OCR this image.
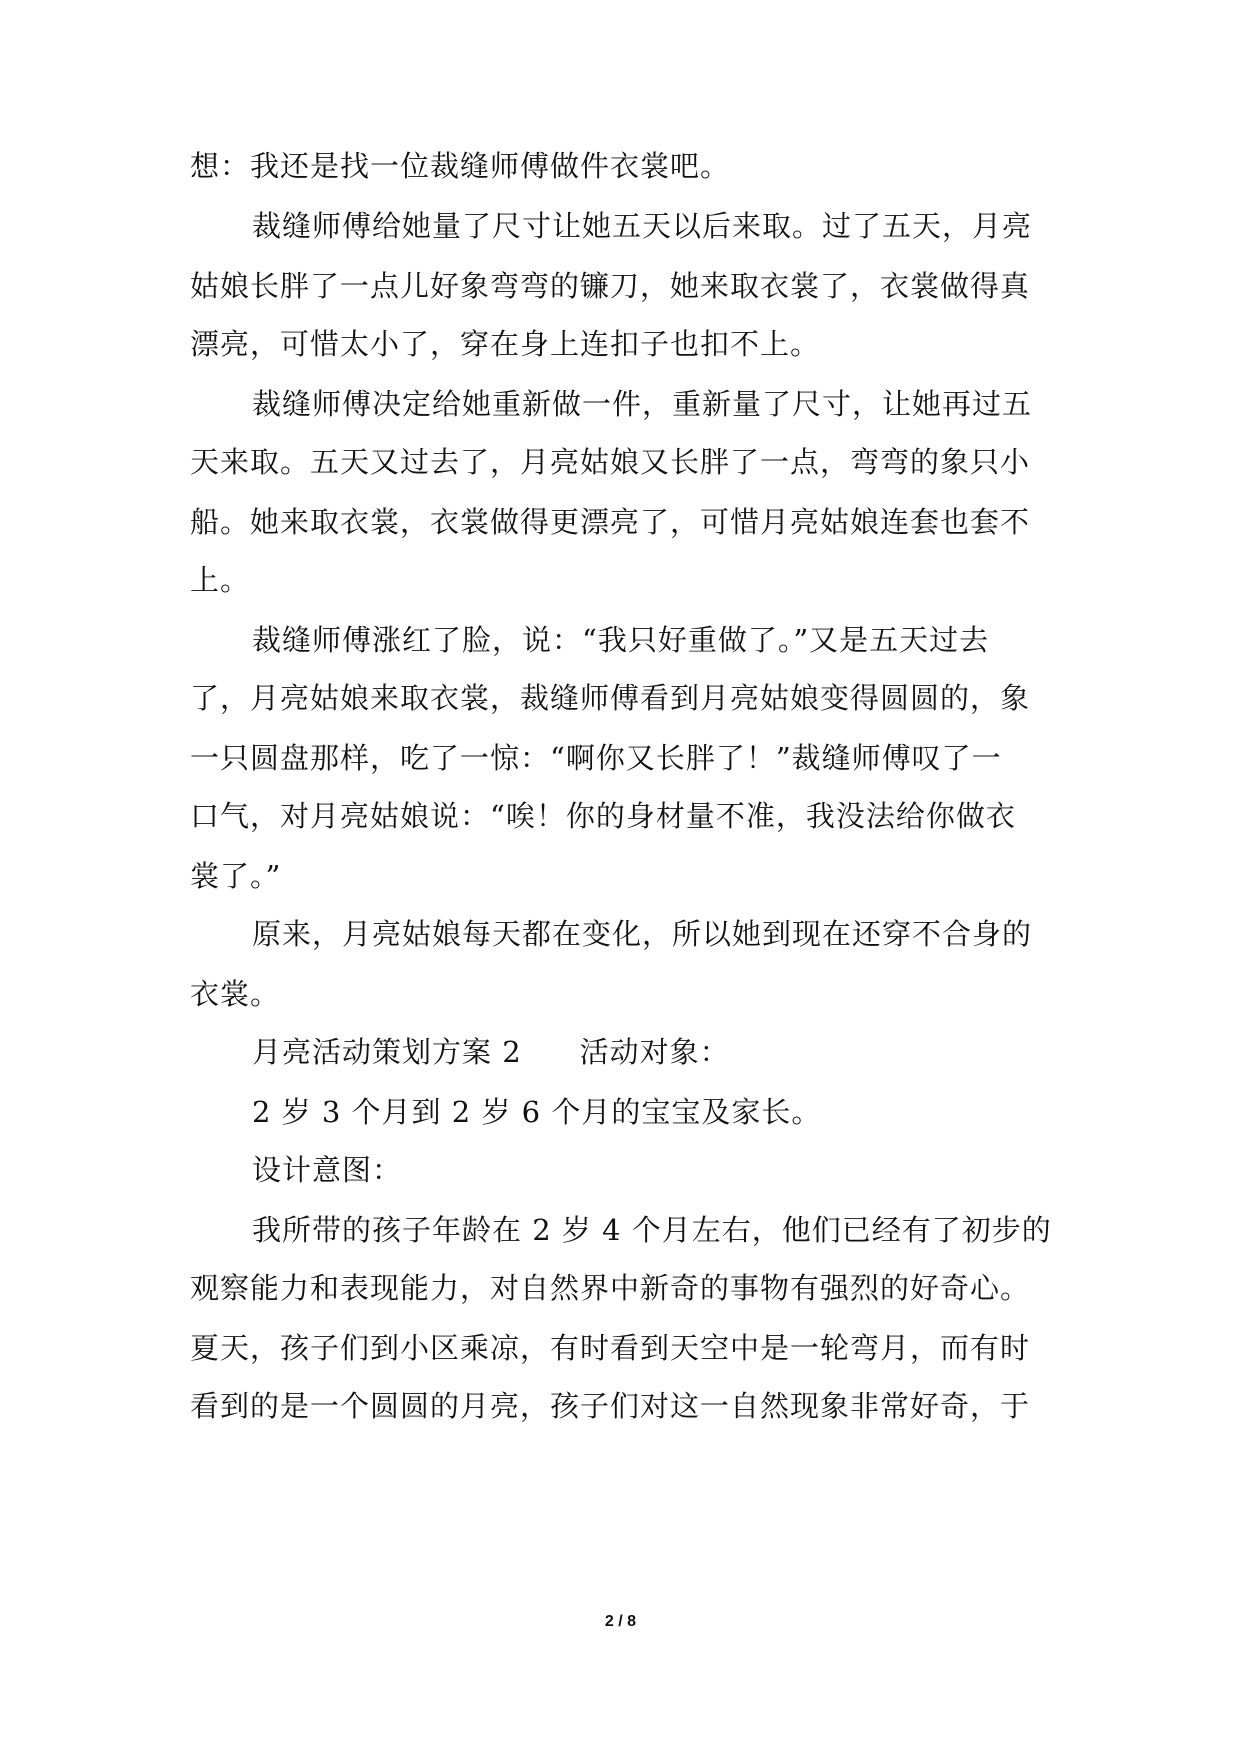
想：我还是找一位裁缝师傅做件衣裳吧。
裁缝师傅给她量了尺寸让她五天以后来取。过了五天，月亮
姑娘长胖了一点儿好象弯弯的镰刀，她来取衣裳了，衣裳做得真
漂亮，可惜太小了，穿在身上连扣子也扣不上。
裁缝师傅决定给她重新做一件，重新量了尺寸，让她再过五
天来取。五天又过去了，月亮姑娘又长胖了一点，弯弯的象只小
船。她来取衣裳，衣裳做得更漂亮了，可惜月亮姑娘连套也套不
上。
裁缝师傅涨红了脸，说：“我只好重做了。”又是五天过去
了，月亮姑娘来取衣裳，裁缝师傅看到月亮姑娘变得圆圆的，象
一只圆盘那样，吃了一惊：“啊你又长胖了！”裁缝师傅叹了一
口气，对月亮姑娘说：“唉！你的身材量不准，我没法给你做衣
裳了。”
原来，月亮姑娘每天都在变化，所以她到现在还穿不合身的
衣裳。
月亮活动策划方案 2 活动对象：
2 岁 3 个月到 2 岁 6 个月的宝宝及家长。
设计意图：
我所带的孩子年龄在 2 岁 4 个月左右，他们已经有了初步的
观察能力和表现能力，对自然界中新奇的事物有强烈的好奇心。
夏天，孩子们到小区乘凉，有时看到天空中是一轮弯月，而有时
看到的是一个圆圆的月亮，孩子们对这一自然现象非常好奇，于
2 / 8
